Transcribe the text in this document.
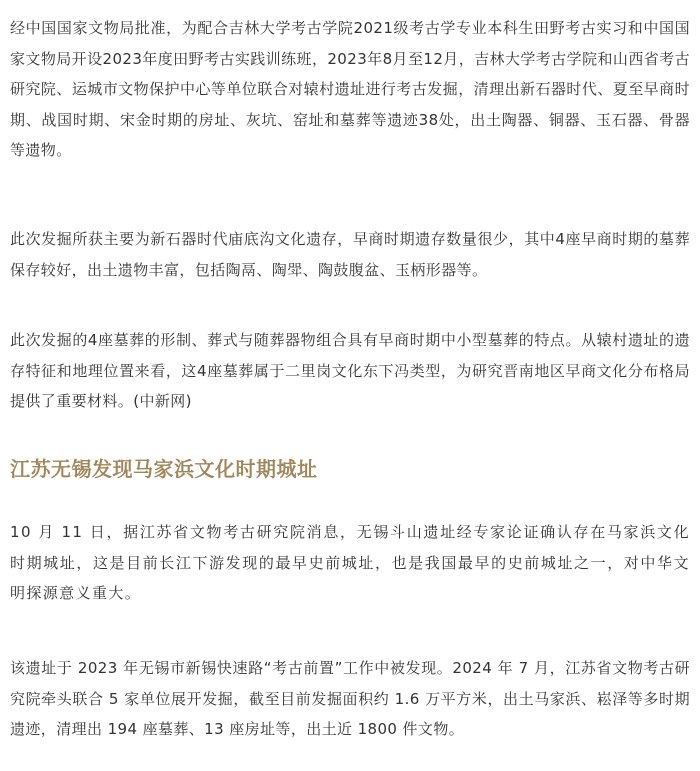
经中国国家文物局批准，为配合吉林大学考古学院2021级考古学专业本科生田野考古实习和中国国家文物局开设2023年度田野考古实践训练班，2023年8月至12月，吉林大学考古学院和山西省考古研究院、运城市文物保护中心等单位联合对辕村遗址进行考古发掘，清理出新石器时代、夏至早商时期、战国时期、宋金时期的房址、灰坑、窑址和墓葬等遗迹38处，出土陶器、铜器、玉石器、骨器等遗物。

此次发掘所获主要为新石器时代庙底沟文化遗存，早商时期遗存数量很少，其中4座早商时期的墓葬保存较好，出土遗物丰富，包括陶鬲、陶斝、陶鼓腹盆、玉柄形器等。

此次发掘的4座墓葬的形制、葬式与随葬器物组合具有早商时期中小型墓葬的特点。从辕村遗址的遗存特征和地理位置来看，这4座墓葬属于二里岗文化东下冯类型，为研究晋南地区早商文化分布格局提供了重要材料。(中新网)

江苏无锡发现马家浜文化时期城址

10 月 11 日，据江苏省文物考古研究院消息，无锡斗山遗址经专家论证确认存在马家浜文化时期城址，这是目前长江下游发现的最早史前城址，也是我国最早的史前城址之一，对中华文明探源意义重大。

该遗址于 2023 年无锡市新锡快速路“考古前置”工作中被发现。2024 年 7 月，江苏省文物考古研究院牵头联合 5 家单位展开发掘，截至目前发掘面积约 1.6 万平方米，出土马家浜、崧泽等多时期遗迹，清理出 194 座墓葬、13 座房址等，出土近 1800 件文物。
